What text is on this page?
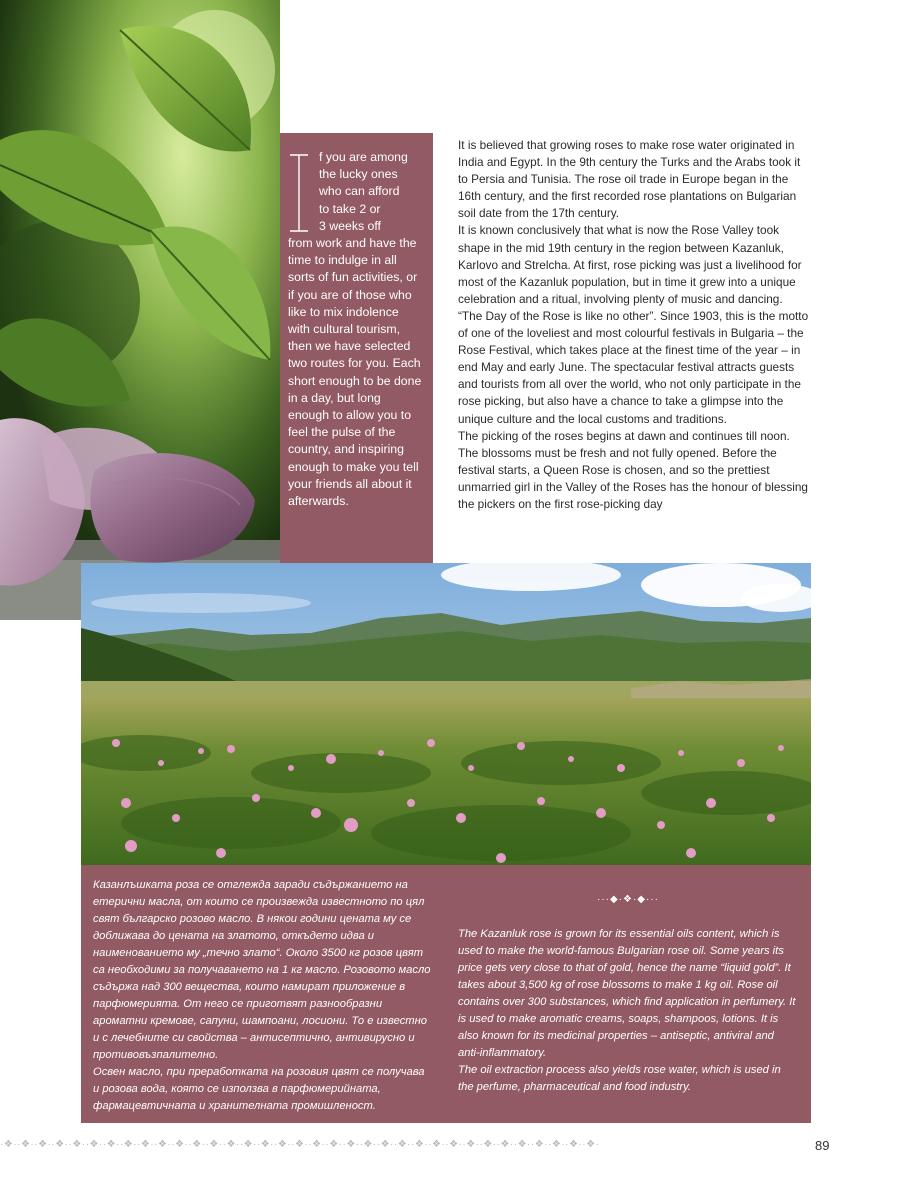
f you are among
the lucky ones
who can afford
to take 2 or
3 weeks off
from work and have the time to indulge in all sorts of fun activities, or if you are of those who like to mix indolence with cultural tourism, then we have selected two routes for you. Each short enough to be done in a day, but long enough to allow you to feel the pulse of the country, and inspiring enough to make you tell your friends all about it afterwards.

It is believed that growing roses to make rose water originated in India and Egypt. In the 9th century the Turks and the Arabs took it to Persia and Tunisia. The rose oil trade in Europe began in the 16th century, and the first recorded rose plantations on Bulgarian soil date from the 17th century.

It is known conclusively that what is now the Rose Valley took shape in the mid 19th century in the region between Kazanluk, Karlovo and Strelcha. At first, rose picking was just a livelihood for most of the Kazanluk population, but in time it grew into a unique celebration and a ritual, involving plenty of music and dancing.

“The Day of the Rose is like no other”. Since 1903, this is the motto of one of the loveliest and most colourful festivals in Bulgaria – the Rose Festival, which takes place at the finest time of the year – in end May and early June. The spectacular festival attracts guests and tourists from all over the world, who not only participate in the rose picking, but also have a chance to take a glimpse into the unique culture and the local customs and traditions.

The picking of the roses begins at dawn and continues till noon. The blossoms must be fresh and not fully opened. Before the festival starts, a Queen Rose is chosen, and so the prettiest unmarried girl in the Valley of the Roses has the honour of blessing the pickers on the first rose-picking day

Казанлъшката роза се отглежда заради съдържанието на етерични масла, от които се произвежда известното по цял свят българско розово масло. В някои години цената му се доближава до цената на златото, откъдето идва и наименованието му „течно злато“. Около 3500 кг розов цвят са необходими за получаването на 1 кг масло. Розовото масло съдържа над 300 вещества, които намират приложение в парфюмерията. От него се приготвят разнообразни ароматни кремове, сапуни, шампоани, лосиони. То е известно и с лечебните си свойства – антисептично, антивирусно и противовъзпалително.

Освен масло, при преработката на розовия цвят се получава и розова вода, която се използва в парфюмерийната, фармацевтичната и хранителната промишленост.

···◆·❖·◆···

The Kazanluk rose is grown for its essential oils content, which is used to make the world-famous Bulgarian rose oil. Some years its price gets very close to that of gold, hence the name “liquid gold”. It takes about 3,500 kg of rose blossoms to make 1 kg oil. Rose oil contains over 300 substances, which find application in perfumery. It is used to make aromatic creams, soaps, shampoos, lotions. It is also known for its medicinal properties – antiseptic, antiviral and anti-inflammatory.

The oil extraction process also yields rose water, which is used in the perfume, pharmaceutical and food industry.

·❖··❖··❖··❖··❖··❖··❖··❖··❖··❖··❖··❖··❖··❖··❖··❖··❖··❖··❖··❖··❖··❖··❖··❖··❖··❖··❖··❖··❖··❖··❖··❖··❖··❖··❖·	89
